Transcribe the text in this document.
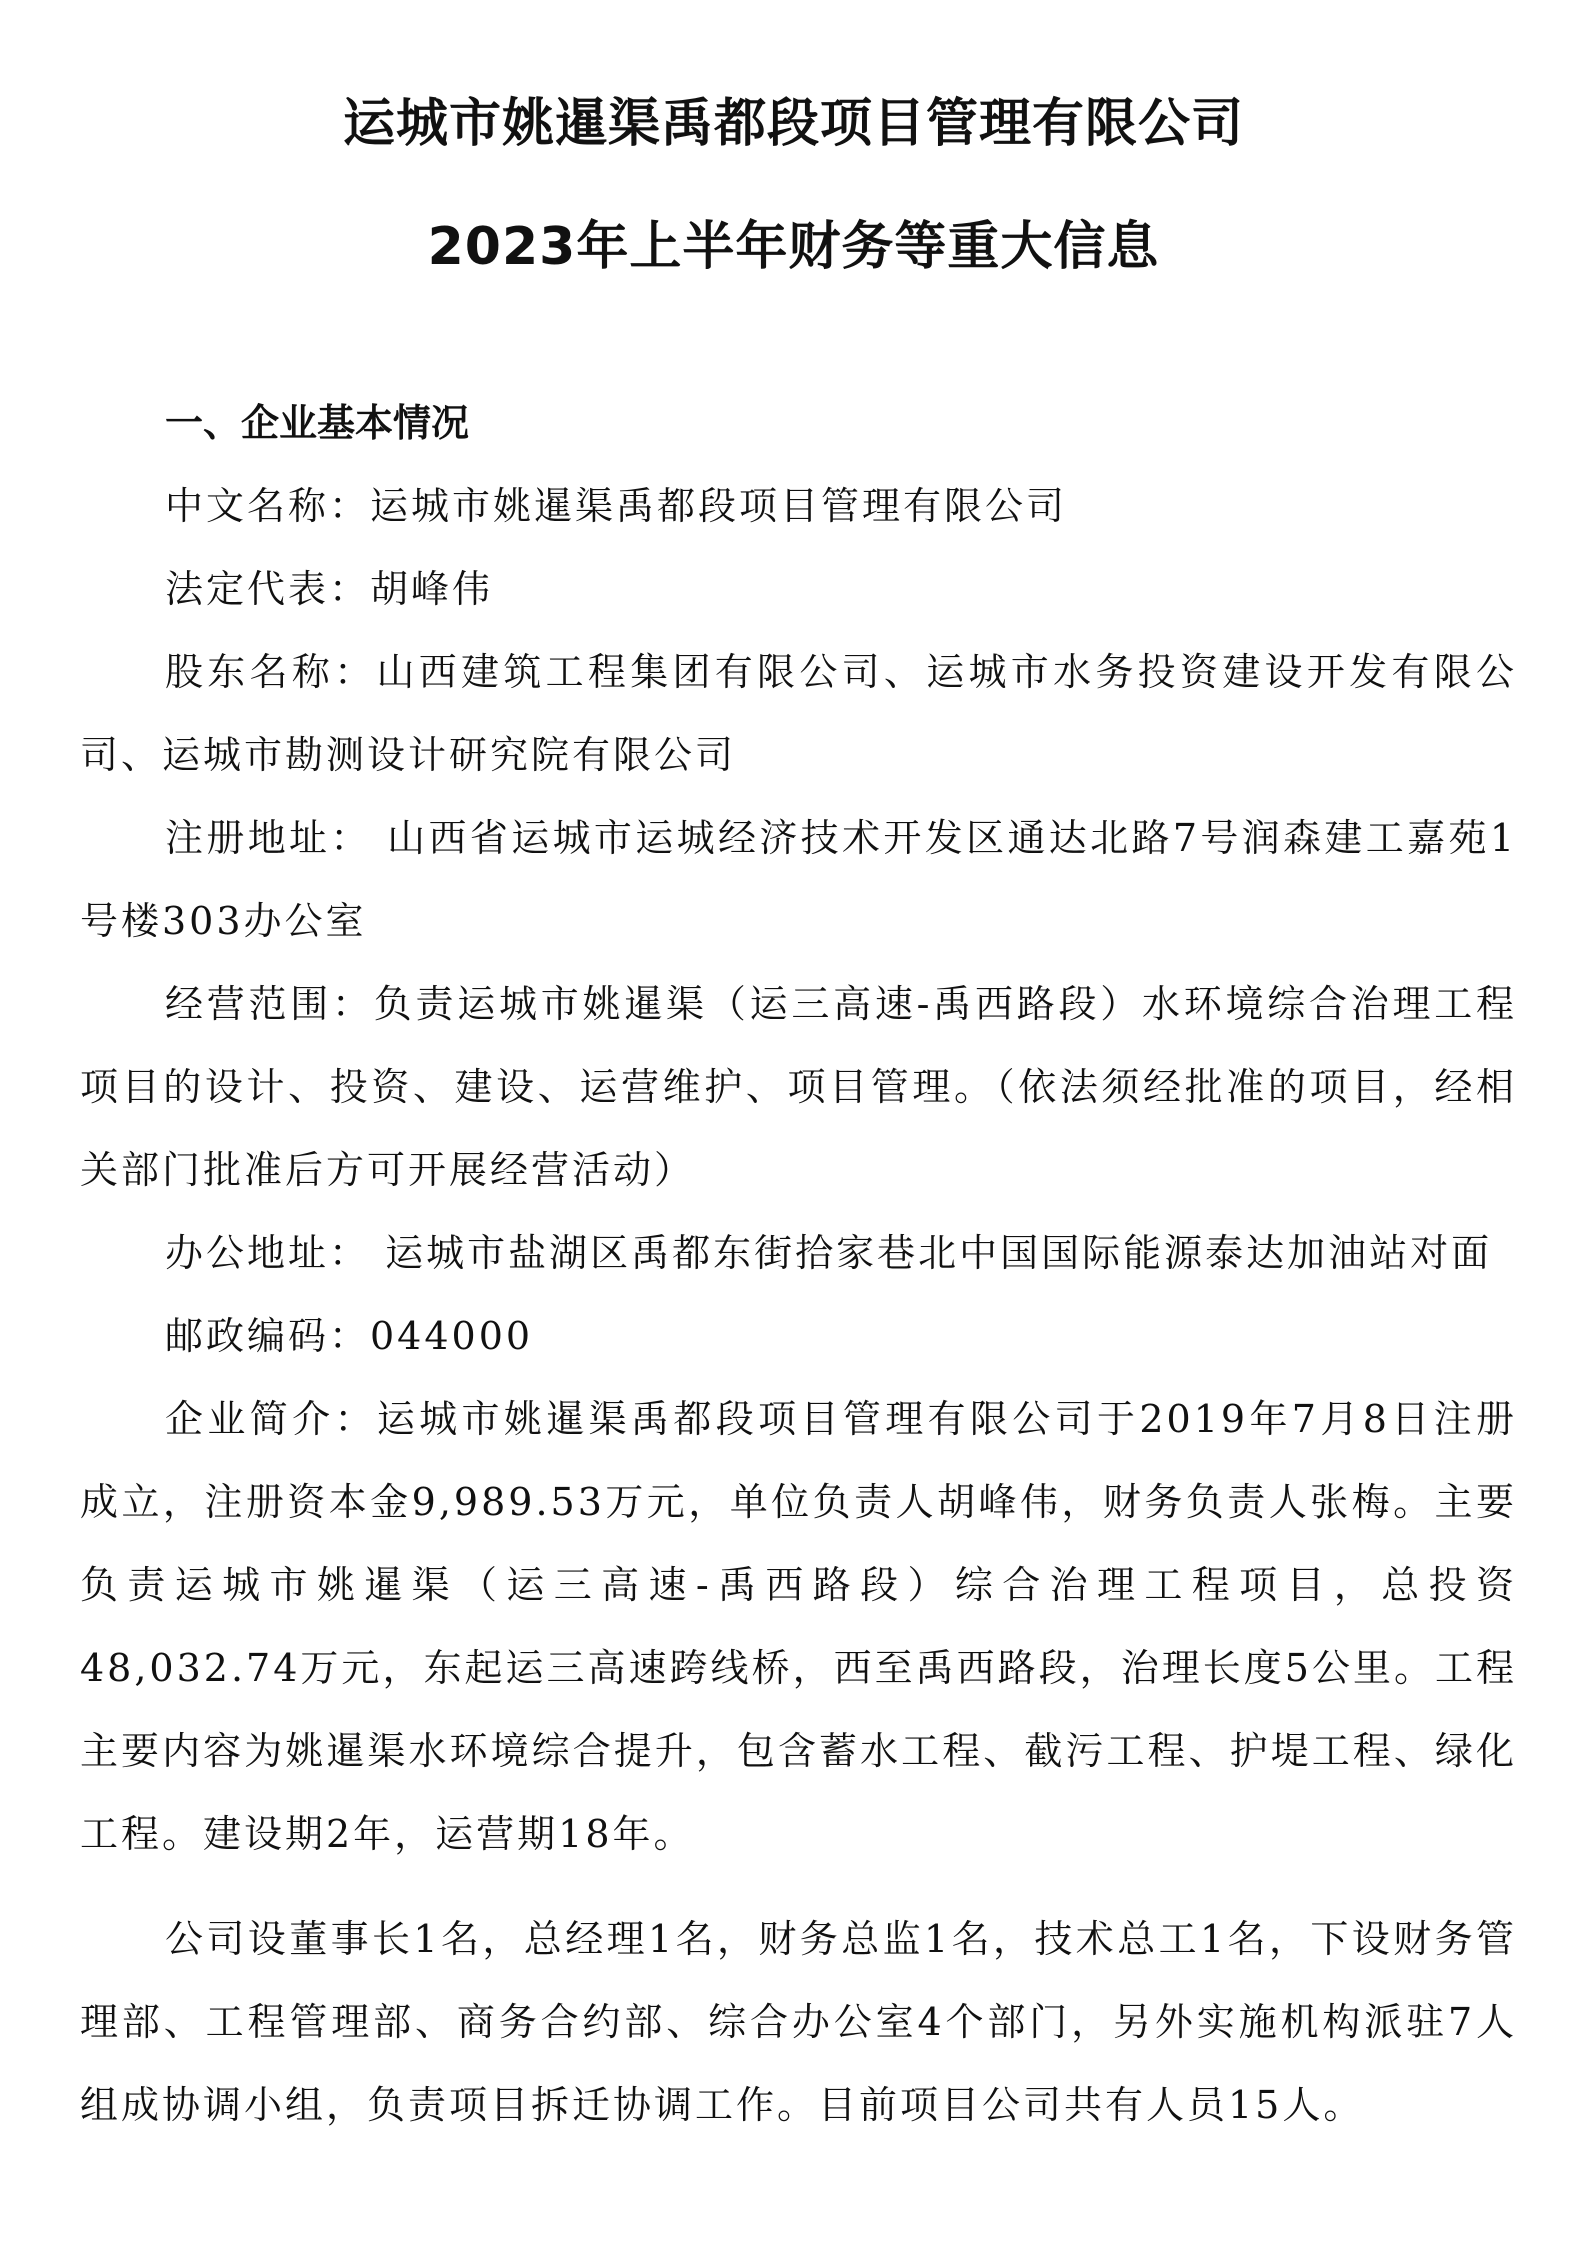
运城市姚暹渠禹都段项目管理有限公司
2023年上半年财务等重大信息

一、企业基本情况

中文名称：运城市姚暹渠禹都段项目管理有限公司

法定代表：胡峰伟

股东名称：山西建筑工程集团有限公司、运城市水务投资建设开发有限公司、运城市勘测设计研究院有限公司

注册地址： 山西省运城市运城经济技术开发区通达北路7号润森建工嘉苑1号楼303办公室

经营范围：负责运城市姚暹渠（运三高速-禹西路段）水环境综合治理工程项目的设计、投资、建设、运营维护、项目管理。（依法须经批准的项目，经相关部门批准后方可开展经营活动）

办公地址： 运城市盐湖区禹都东街拾家巷北中国国际能源泰达加油站对面

邮政编码：044000

企业简介：运城市姚暹渠禹都段项目管理有限公司于2019年7月8日注册成立，注册资本金9,989.53万元，单位负责人胡峰伟，财务负责人张梅。主要负责运城市姚暹渠（运三高速-禹西路段）综合治理工程项目，总投资48,032.74万元，东起运三高速跨线桥，西至禹西路段，治理长度5公里。工程主要内容为姚暹渠水环境综合提升，包含蓄水工程、截污工程、护堤工程、绿化工程。建设期2年，运营期18年。

公司设董事长1名，总经理1名，财务总监1名，技术总工1名，下设财务管理部、工程管理部、商务合约部、综合办公室4个部门，另外实施机构派驻7人组成协调小组，负责项目拆迁协调工作。目前项目公司共有人员15人。
